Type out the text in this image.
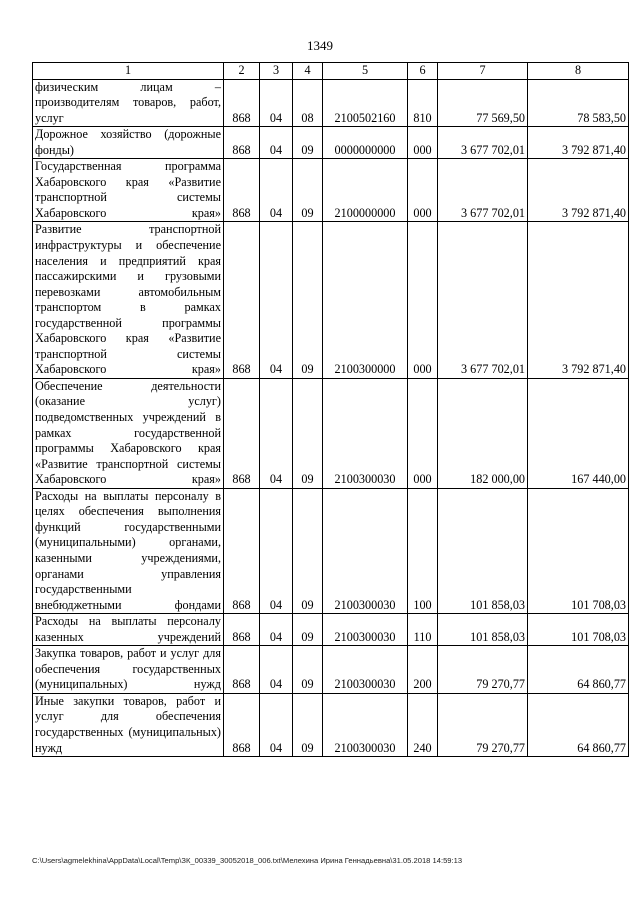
1349
1	2	3	4	5	6	7	8
физическим лицам – производителям товаров, работ, услуг	868	04	08	2100502160	810	77 569,50	78 583,50
Дорожное хозяйство (дорожные фонды)	868	04	09	0000000000	000	3 677 702,01	3 792 871,40
Государственная программа Хабаровского края «Развитие транспортной системы Хабаровского края»	868	04	09	2100000000	000	3 677 702,01	3 792 871,40
Развитие транспортной инфраструктуры и обеспечение населения и предприятий края пассажирскими и грузовыми перевозками автомобильным транспортом в рамках государственной программы Хабаровского края «Развитие транспортной системы Хабаровского края»	868	04	09	2100300000	000	3 677 702,01	3 792 871,40
Обеспечение деятельности (оказание услуг) подведомственных учреждений в рамках государственной программы Хабаровского края «Развитие транспортной системы Хабаровского края»	868	04	09	2100300030	000	182 000,00	167 440,00
Расходы на выплаты персоналу в целях обеспечения выполнения функций государственными (муниципальными) органами, казенными учреждениями, органами управления государственными внебюджетными фондами	868	04	09	2100300030	100	101 858,03	101 708,03
Расходы на выплаты персоналу казенных учреждений	868	04	09	2100300030	110	101 858,03	101 708,03
Закупка товаров, работ и услуг для обеспечения государственных (муниципальных) нужд	868	04	09	2100300030	200	79 270,77	64 860,77
Иные закупки товаров, работ и услуг для обеспечения государственных (муниципальных) нужд	868	04	09	2100300030	240	79 270,77	64 860,77
C:\Users\agmelekhina\AppData\Local\Temp\ЗК_00339_30052018_006.txt\Мелехина Ирина Геннадьевна\31.05.2018 14:59:13
